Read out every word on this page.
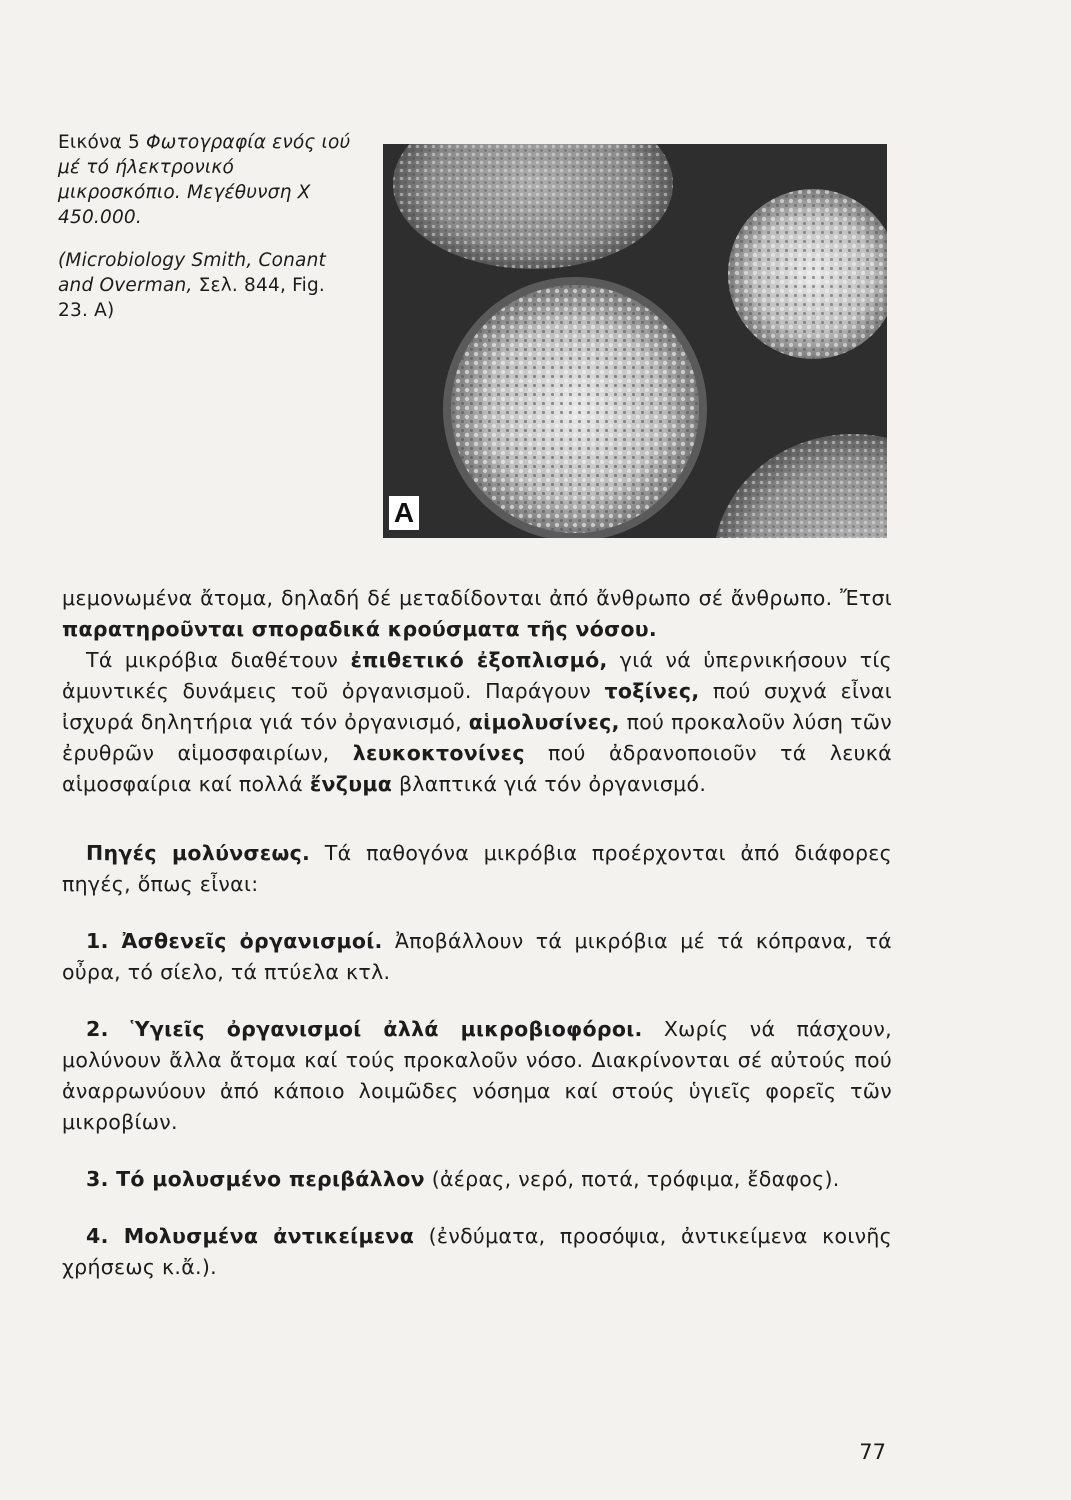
Εικόνα 5 Φωτογραφία ενός ιού μέ τό ήλεκτρονικό μικροσκόπιο. Μεγέθυνση Χ 450.000.

(Microbiology Smith, Conant and Overman, Σελ. 844, Fig. 23. A)

A

μεμονωμένα ἄτομα, δηλαδή δέ μεταδίδονται ἀπό ἄνθρωπο σέ ἄνθρωπο. Ἔτσι παρατηροῦνται σποραδικά κρούσματα τῆς νόσου.

Τά μικρόβια διαθέτουν ἐπιθετικό ἐξοπλισμό, γιά νά ὑπερνικήσουν τίς ἀμυντικές δυνάμεις τοῦ ὀργανισμοῦ. Παράγουν τοξίνες, πού συχνά εἶναι ἰσχυρά δηλητήρια γιά τόν ὀργανισμό, αἱμολυσίνες, πού προκαλοῦν λύση τῶν ἐρυθρῶν αἱμοσφαιρίων, λευκοκτονίνες πού ἀδρανοποιοῦν τά λευκά αἱμοσφαίρια καί πολλά ἔνζυμα βλαπτικά γιά τόν ὀργανισμό.

Πηγές μολύνσεως. Τά παθογόνα μικρόβια προέρχονται ἀπό διάφορες πηγές, ὅπως εἶναι:

1. Ἀσθενεῖς ὀργανισμοί. Ἀποβάλλουν τά μικρόβια μέ τά κόπρανα, τά οὖρα, τό σίελο, τά πτύελα κτλ.

2. Ὑγιεῖς ὀργανισμοί ἀλλά μικροβιοφόροι. Χωρίς νά πάσχουν, μολύνουν ἄλλα ἄτομα καί τούς προκαλοῦν νόσο. Διακρίνονται σέ αὐτούς πού ἀναρρωνύουν ἀπό κάποιο λοιμῶδες νόσημα καί στούς ὑγιεῖς φορεῖς τῶν μικροβίων.

3. Τό μολυσμένο περιβάλλον (ἀέρας, νερό, ποτά, τρόφιμα, ἔδαφος).

4. Μολυσμένα ἀντικείμενα (ἐνδύματα, προσόψια, ἀντικείμενα κοινῆς χρήσεως κ.ἄ.).

77
